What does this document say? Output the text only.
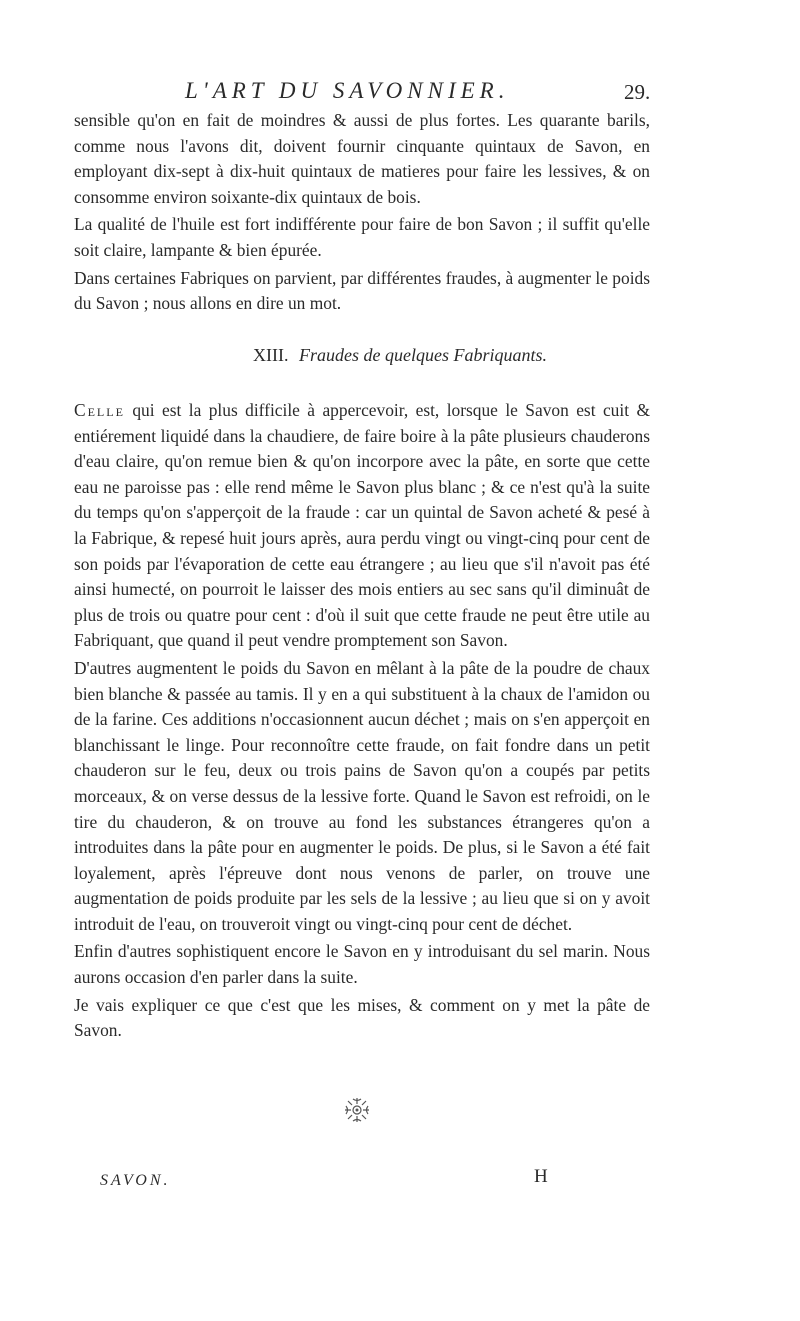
L'ART DU SAVONNIER.	29.

sensible qu'on en fait de moindres & aussi de plus fortes. Les quarante barils, comme nous l'avons dit, doivent fournir cinquante quintaux de Savon, en employant dix-sept à dix-huit quintaux de matieres pour faire les lessives, & on consomme environ soixante-dix quintaux de bois.

La qualité de l'huile est fort indifférente pour faire de bon Savon ; il suffit qu'elle soit claire, lampante & bien épurée.

Dans certaines Fabriques on parvient, par différentes fraudes, à augmenter le poids du Savon ; nous allons en dire un mot.

XIII. Fraudes de quelques Fabriquants.

Celle qui est la plus difficile à appercevoir, est, lorsque le Savon est cuit & entiérement liquidé dans la chaudiere, de faire boire à la pâte plusieurs chauderons d'eau claire, qu'on remue bien & qu'on incorpore avec la pâte, en sorte que cette eau ne paroisse pas : elle rend même le Savon plus blanc ; & ce n'est qu'à la suite du temps qu'on s'apperçoit de la fraude : car un quintal de Savon acheté & pesé à la Fabrique, & repesé huit jours après, aura perdu vingt ou vingt-cinq pour cent de son poids par l'évaporation de cette eau étrangere ; au lieu que s'il n'avoit pas été ainsi humecté, on pourroit le laisser des mois entiers au sec sans qu'il diminuât de plus de trois ou quatre pour cent : d'où il suit que cette fraude ne peut être utile au Fabriquant, que quand il peut vendre promptement son Savon.

D'autres augmentent le poids du Savon en mêlant à la pâte de la poudre de chaux bien blanche & passée au tamis. Il y en a qui substituent à la chaux de l'amidon ou de la farine. Ces additions n'occasionnent aucun déchet ; mais on s'en apperçoit en blanchissant le linge. Pour reconnoître cette fraude, on fait fondre dans un petit chauderon sur le feu, deux ou trois pains de Savon qu'on a coupés par petits morceaux, & on verse dessus de la lessive forte. Quand le Savon est refroidi, on le tire du chauderon, & on trouve au fond les substances étrangeres qu'on a introduites dans la pâte pour en augmenter le poids. De plus, si le Savon a été fait loyalement, après l'épreuve dont nous venons de parler, on trouve une augmentation de poids produite par les sels de la lessive ; au lieu que si on y avoit introduit de l'eau, on trouveroit vingt ou vingt-cinq pour cent de déchet.

Enfin d'autres sophistiquent encore le Savon en y introduisant du sel marin. Nous aurons occasion d'en parler dans la suite.

Je vais expliquer ce que c'est que les mises, & comment on y met la pâte de Savon.

SAVON.	H
